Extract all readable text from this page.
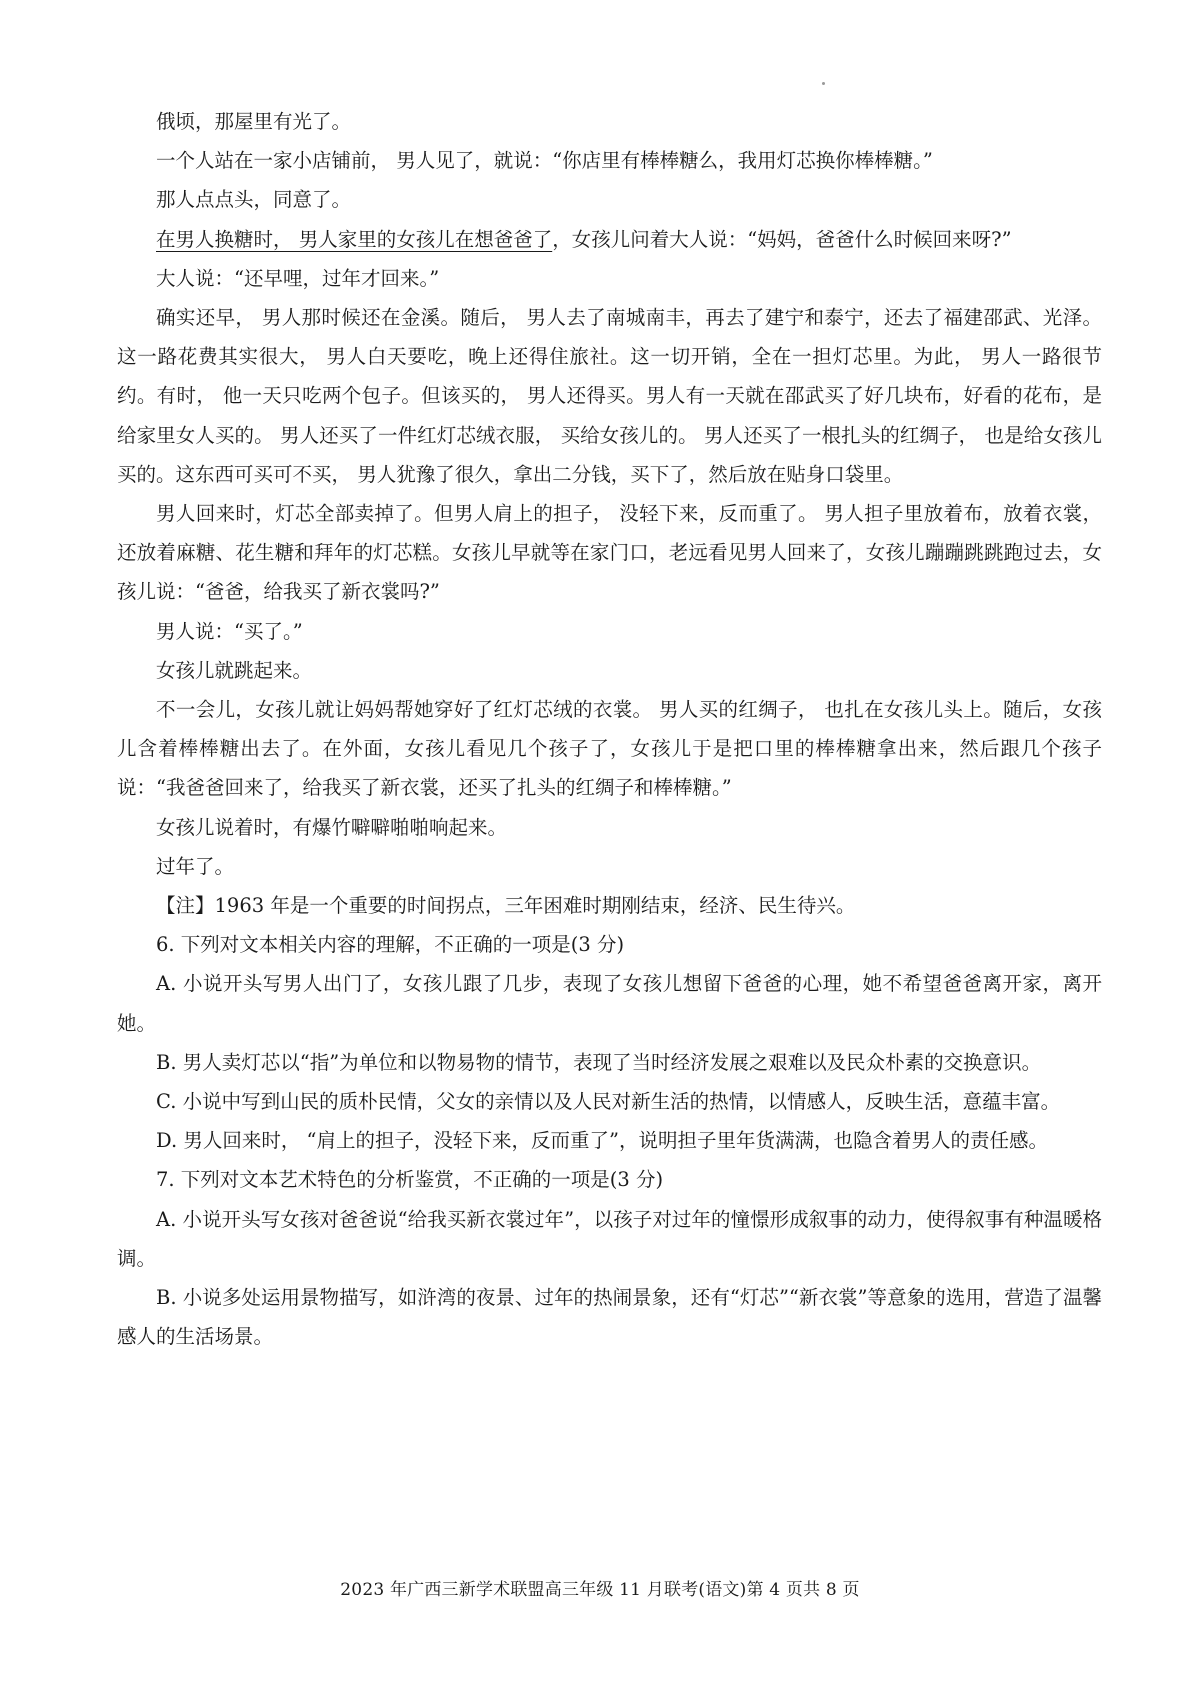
俄顷，那屋里有光了。

一个人站在一家小店铺前， 男人见了，就说：“你店里有棒棒糖么，我用灯芯换你棒棒糖。”

那人点点头，同意了。

在男人换糖时， 男人家里的女孩儿在想爸爸了，女孩儿问着大人说：“妈妈，爸爸什么时候回来呀?”

大人说：“还早哩，过年才回来。”

确实还早， 男人那时候还在金溪。随后， 男人去了南城南丰，再去了建宁和泰宁，还去了福建邵武、光泽。这一路花费其实很大， 男人白天要吃，晚上还得住旅社。这一切开销，全在一担灯芯里。为此， 男人一路很节约。有时， 他一天只吃两个包子。但该买的， 男人还得买。男人有一天就在邵武买了好几块布，好看的花布，是给家里女人买的。 男人还买了一件红灯芯绒衣服， 买给女孩儿的。 男人还买了一根扎头的红绸子， 也是给女孩儿买的。这东西可买可不买， 男人犹豫了很久，拿出二分钱，买下了，然后放在贴身口袋里。

男人回来时，灯芯全部卖掉了。但男人肩上的担子， 没轻下来，反而重了。 男人担子里放着布，放着衣裳，还放着麻糖、花生糖和拜年的灯芯糕。女孩儿早就等在家门口，老远看见男人回来了，女孩儿蹦蹦跳跳跑过去，女孩儿说：“爸爸，给我买了新衣裳吗?”

男人说：“买了。”

女孩儿就跳起来。

不一会儿，女孩儿就让妈妈帮她穿好了红灯芯绒的衣裳。 男人买的红绸子， 也扎在女孩儿头上。随后，女孩儿含着棒棒糖出去了。在外面，女孩儿看见几个孩子了，女孩儿于是把口里的棒棒糖拿出来，然后跟几个孩子说：“我爸爸回来了，给我买了新衣裳，还买了扎头的红绸子和棒棒糖。”

女孩儿说着时，有爆竹噼噼啪啪响起来。

过年了。

【注】1963 年是一个重要的时间拐点，三年困难时期刚结束，经济、民生待兴。

6. 下列对文本相关内容的理解，不正确的一项是(3 分)

A. 小说开头写男人出门了，女孩儿跟了几步，表现了女孩儿想留下爸爸的心理，她不希望爸爸离开家，离开她。

B. 男人卖灯芯以“指”为单位和以物易物的情节，表现了当时经济发展之艰难以及民众朴素的交换意识。

C. 小说中写到山民的质朴民情，父女的亲情以及人民对新生活的热情，以情感人，反映生活，意蕴丰富。

D. 男人回来时， “肩上的担子，没轻下来，反而重了”，说明担子里年货满满，也隐含着男人的责任感。

7. 下列对文本艺术特色的分析鉴赏，不正确的一项是(3 分)

A. 小说开头写女孩对爸爸说“给我买新衣裳过年”，以孩子对过年的憧憬形成叙事的动力，使得叙事有种温暖格调。

B. 小说多处运用景物描写，如浒湾的夜景、过年的热闹景象，还有“灯芯”“新衣裳”等意象的选用，营造了温馨感人的生活场景。

2023 年广西三新学术联盟高三年级 11 月联考(语文)第 4 页共 8 页
